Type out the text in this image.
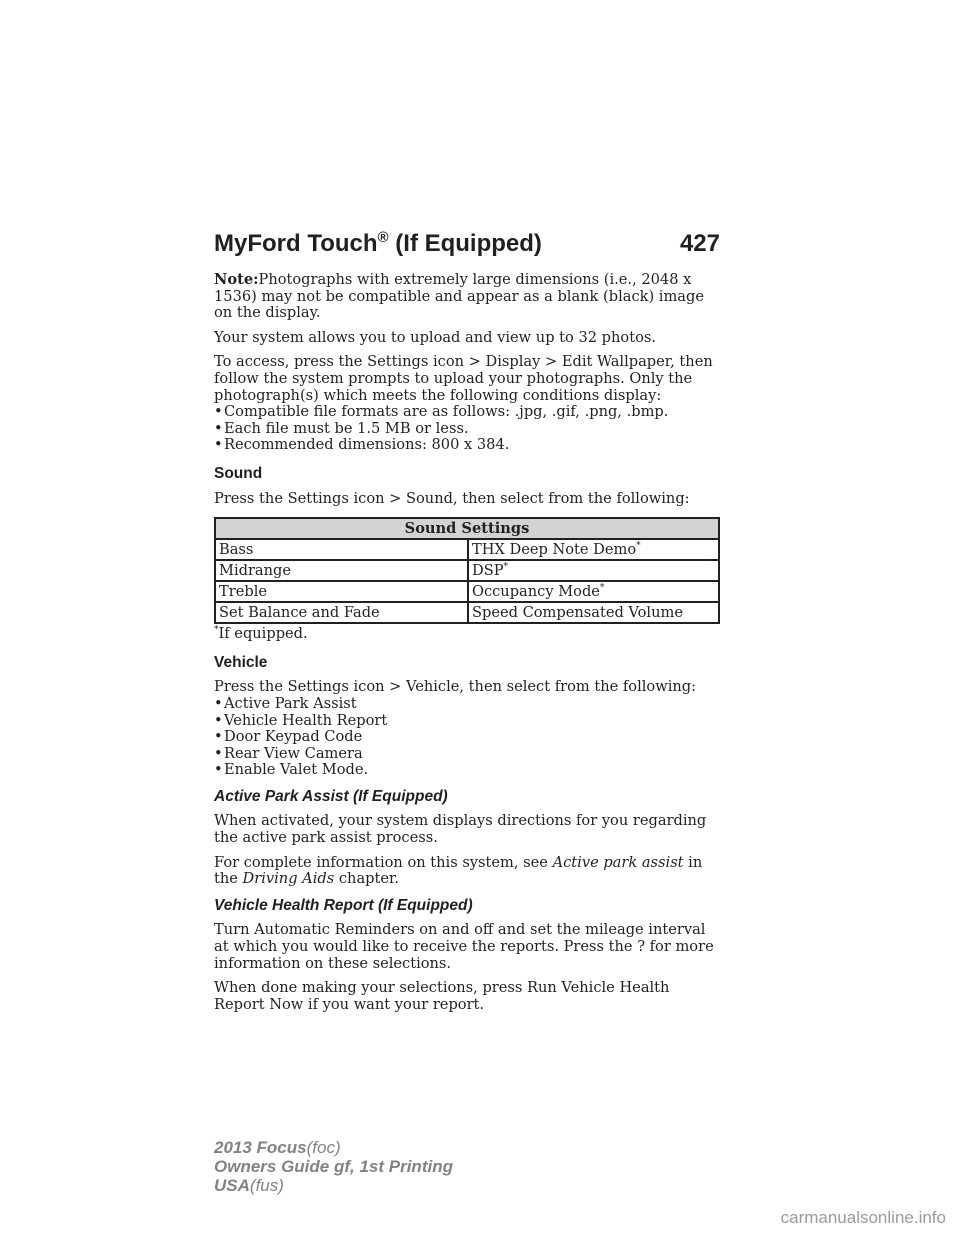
MyFord Touch® (If Equipped)	427

Note:Photographs with extremely large dimensions (i.e., 2048 x 1536) may not be compatible and appear as a blank (black) image on the display.

Your system allows you to upload and view up to 32 photos.

To access, press the Settings icon > Display > Edit Wallpaper, then follow the system prompts to upload your photographs. Only the photograph(s) which meets the following conditions display:

• Compatible file formats are as follows: .jpg, .gif, .png, .bmp.
• Each file must be 1.5 MB or less.
• Recommended dimensions: 800 x 384.
Sound

Press the Settings icon > Sound, then select from the following:

Sound Settings	
Bass	THX Deep Note Demo*
Midrange	DSP*
Treble	Occupancy Mode*
Set Balance and Fade	Speed Compensated Volume

*If equipped.

Vehicle

Press the Settings icon > Vehicle, then select from the following:

• Active Park Assist
• Vehicle Health Report
• Door Keypad Code
• Rear View Camera
• Enable Valet Mode.
Active Park Assist (If Equipped)

When activated, your system displays directions for you regarding the active park assist process.

For complete information on this system, see Active park assist in the Driving Aids chapter.

Vehicle Health Report (If Equipped)

Turn Automatic Reminders on and off and set the mileage interval at which you would like to receive the reports. Press the ? for more information on these selections.

When done making your selections, press Run Vehicle Health Report Now if you want your report.

2013 Focus(foc)
Owners Guide gf, 1st Printing
USA(fus)
carmanualsonline.info
